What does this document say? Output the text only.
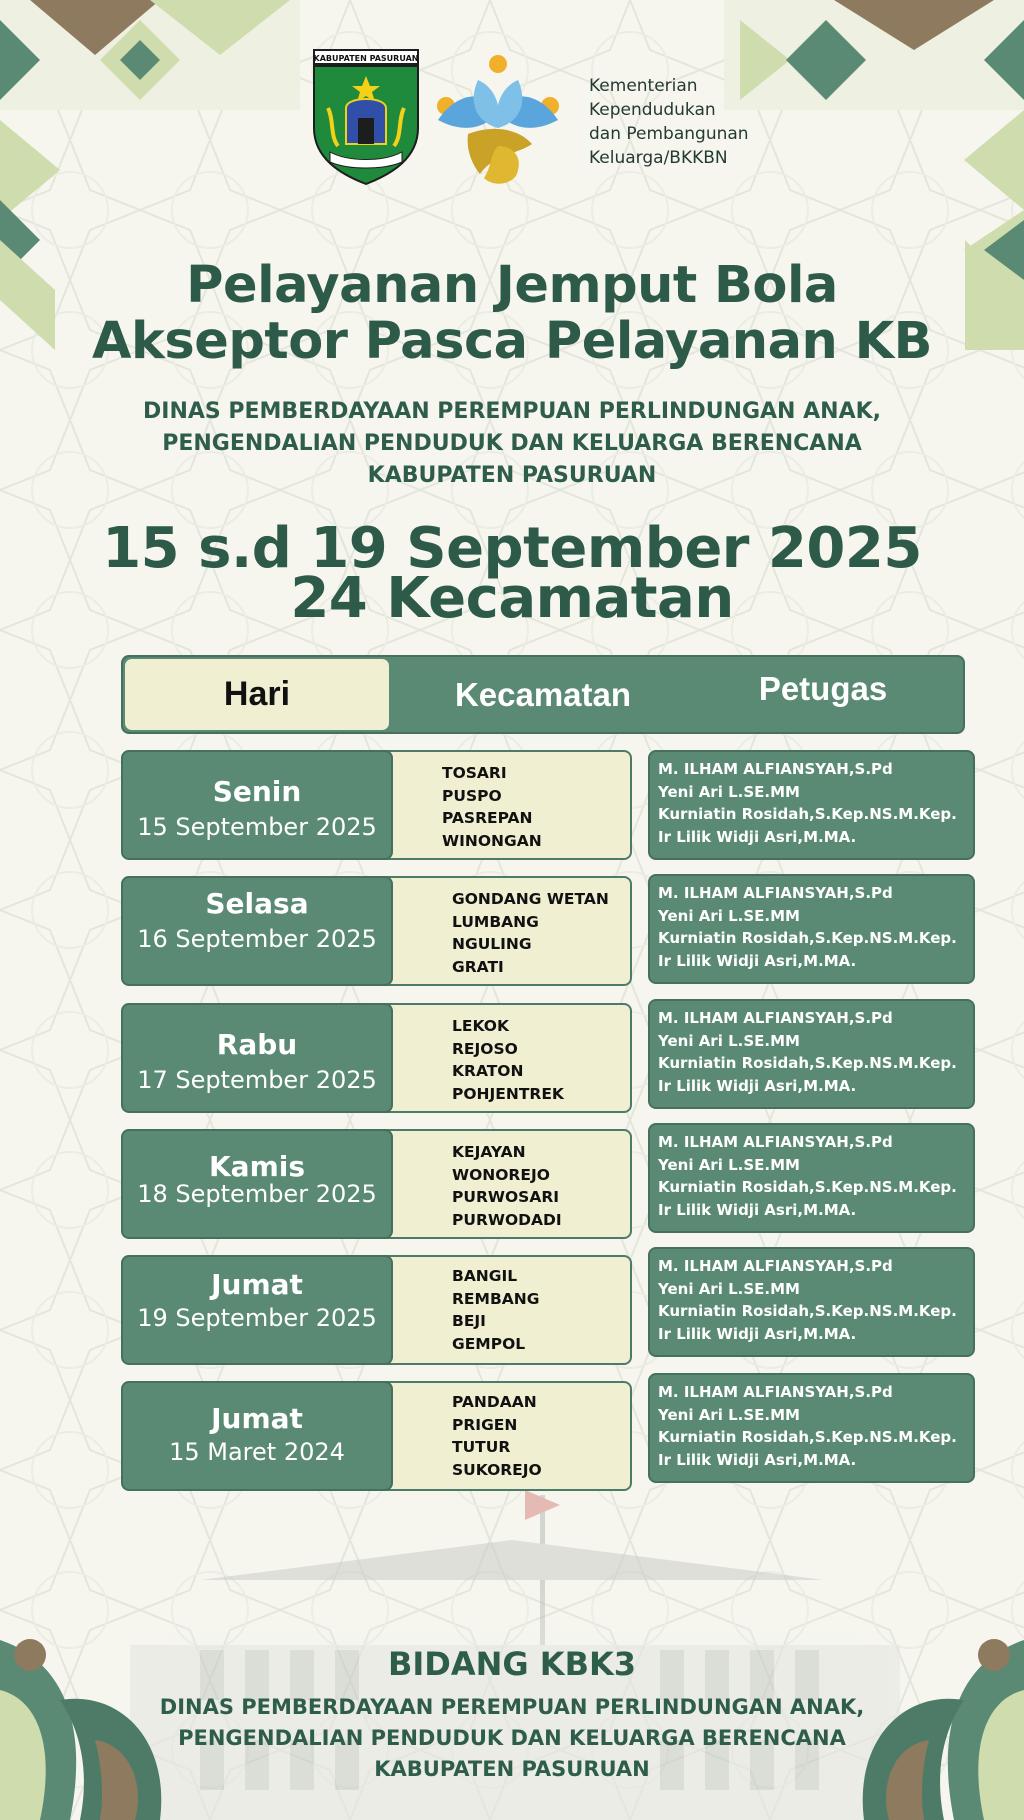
KABUPATEN PASURUAN
Kementerian
Kependudukan
dan Pembangunan
Keluarga/BKKBN
Pelayanan Jemput Bola
Akseptor Pasca Pelayanan KB
DINAS PEMBERDAYAAN PEREMPUAN PERLINDUNGAN ANAK,
PENGENDALIAN PENDUDUK DAN KELUARGA BERENCANA
KABUPATEN PASURUAN
15 s.d 19 September 2025
24 Kecamatan
Hari	Kecamatan	Petugas
TOSARI
PUSPO
PASREPAN
WINONGAN
Senin
15 September 2025
M. ILHAM ALFIANSYAH,S.Pd
Yeni Ari L.SE.MM
Kurniatin Rosidah,S.Kep.NS.M.Kep.
Ir Lilik Widji Asri,M.MA.
GONDANG WETAN
LUMBANG
NGULING
GRATI
Selasa
16 September 2025
M. ILHAM ALFIANSYAH,S.Pd
Yeni Ari L.SE.MM
Kurniatin Rosidah,S.Kep.NS.M.Kep.
Ir Lilik Widji Asri,M.MA.
LEKOK
REJOSO
KRATON
POHJENTREK
Rabu
17 September 2025
M. ILHAM ALFIANSYAH,S.Pd
Yeni Ari L.SE.MM
Kurniatin Rosidah,S.Kep.NS.M.Kep.
Ir Lilik Widji Asri,M.MA.
KEJAYAN
WONOREJO
PURWOSARI
PURWODADI
Kamis
18 September 2025
M. ILHAM ALFIANSYAH,S.Pd
Yeni Ari L.SE.MM
Kurniatin Rosidah,S.Kep.NS.M.Kep.
Ir Lilik Widji Asri,M.MA.
BANGIL
REMBANG
BEJI
GEMPOL
Jumat
19 September 2025
M. ILHAM ALFIANSYAH,S.Pd
Yeni Ari L.SE.MM
Kurniatin Rosidah,S.Kep.NS.M.Kep.
Ir Lilik Widji Asri,M.MA.
PANDAAN
PRIGEN
TUTUR
SUKOREJO
Jumat
15 Maret 2024
M. ILHAM ALFIANSYAH,S.Pd
Yeni Ari L.SE.MM
Kurniatin Rosidah,S.Kep.NS.M.Kep.
Ir Lilik Widji Asri,M.MA.
BIDANG KBK3
DINAS PEMBERDAYAAN PEREMPUAN PERLINDUNGAN ANAK,
PENGENDALIAN PENDUDUK DAN KELUARGA BERENCANA
KABUPATEN PASURUAN
